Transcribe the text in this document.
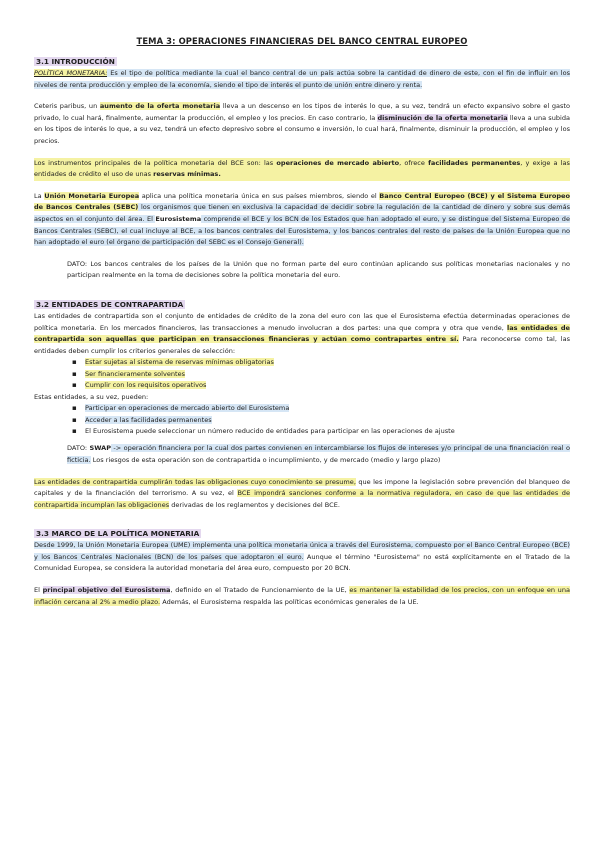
TEMA 3: OPERACIONES FINANCIERAS DEL BANCO CENTRAL EUROPEO
3.1 INTRODUCCIÓN

POLÍTICA MONETARIA: Es el tipo de política mediante la cual el banco central de un país actúa sobre la cantidad de dinero de este, con el fin de influir en los niveles de renta producción y empleo de la economía, siendo el tipo de interés el punto de unión entre dinero y renta.

Ceteris paribus, un aumento de la oferta monetaria lleva a un descenso en los tipos de interés lo que, a su vez, tendrá un efecto expansivo sobre el gasto privado, lo cual hará, finalmente, aumentar la producción, el empleo y los precios. En caso contrario, la disminución de la oferta monetaria lleva a una subida en los tipos de interés lo que, a su vez, tendrá un efecto depresivo sobre el consumo e inversión, lo cual hará, finalmente, disminuir la producción, el empleo y los precios.

Los instrumentos principales de la política monetaria del BCE son: las operaciones de mercado abierto, ofrece facilidades permanentes, y exige a las entidades de crédito el uso de unas reservas mínimas.

La Unión Monetaria Europea aplica una política monetaria única en sus países miembros, siendo el Banco Central Europeo (BCE) y el Sistema Europeo de Bancos Centrales (SEBC) los organismos que tienen en exclusiva la capacidad de decidir sobre la regulación de la cantidad de dinero y sobre sus demás aspectos en el conjunto del área. El Eurosistema comprende el BCE y los BCN de los Estados que han adoptado el euro, y se distingue del Sistema Europeo de Bancos Centrales (SEBC), el cual incluye al BCE, a los bancos centrales del Eurosistema, y los bancos centrales del resto de países de la Unión Europea que no han adoptado el euro (el órgano de participación del SEBC es el Consejo General).

DATO: Los bancos centrales de los países de la Unión que no forman parte del euro continúan aplicando sus políticas monetarias nacionales y no participan realmente en la toma de decisiones sobre la política monetaria del euro.

3.2 ENTIDADES DE CONTRAPARTIDA

Las entidades de contrapartida son el conjunto de entidades de crédito de la zona del euro con las que el Eurosistema efectúa determinadas operaciones de política monetaria. En los mercados financieros, las transacciones a menudo involucran a dos partes: una que compra y otra que vende, las entidades de contrapartida son aquellas que participan en transacciones financieras y actúan como contrapartes entre sí. Para reconocerse como tal, las entidades deben cumplir los criterios generales de selección:

▪ Estar sujetas al sistema de reservas mínimas obligatorias
▪ Ser financieramente solventes
▪ Cumplir con los requisitos operativos

Estas entidades, a su vez, pueden:

▪ Participar en operaciones de mercado abierto del Eurosistema
▪ Acceder a las facilidades permanentes
▪ El Eurosistema puede seleccionar un número reducido de entidades para participar en las operaciones de ajuste

DATO: SWAP -> operación financiera por la cual dos partes convienen en intercambiarse los flujos de intereses y/o principal de una financiación real o ficticia. Los riesgos de esta operación son de contrapartida o incumplimiento, y de mercado (medio y largo plazo)

Las entidades de contrapartida cumplirán todas las obligaciones cuyo conocimiento se presume, que les impone la legislación sobre prevención del blanqueo de capitales y de la financiación del terrorismo. A su vez, el BCE impondrá sanciones conforme a la normativa reguladora, en caso de que las entidades de contrapartida incumplan las obligaciones derivadas de los reglamentos y decisiones del BCE.

3.3 MARCO DE LA POLÍTICA MONETARIA

Desde 1999, la Unión Monetaria Europea (UME) implementa una política monetaria única a través del Eurosistema, compuesto por el Banco Central Europeo (BCE) y los Bancos Centrales Nacionales (BCN) de los países que adoptaron el euro. Aunque el término "Eurosistema" no está explícitamente en el Tratado de la Comunidad Europea, se considera la autoridad monetaria del área euro, compuesto por 20 BCN.

El principal objetivo del Eurosistema, definido en el Tratado de Funcionamiento de la UE, es mantener la estabilidad de los precios, con un enfoque en una inflación cercana al 2% a medio plazo. Además, el Eurosistema respalda las políticas económicas generales de la UE.
